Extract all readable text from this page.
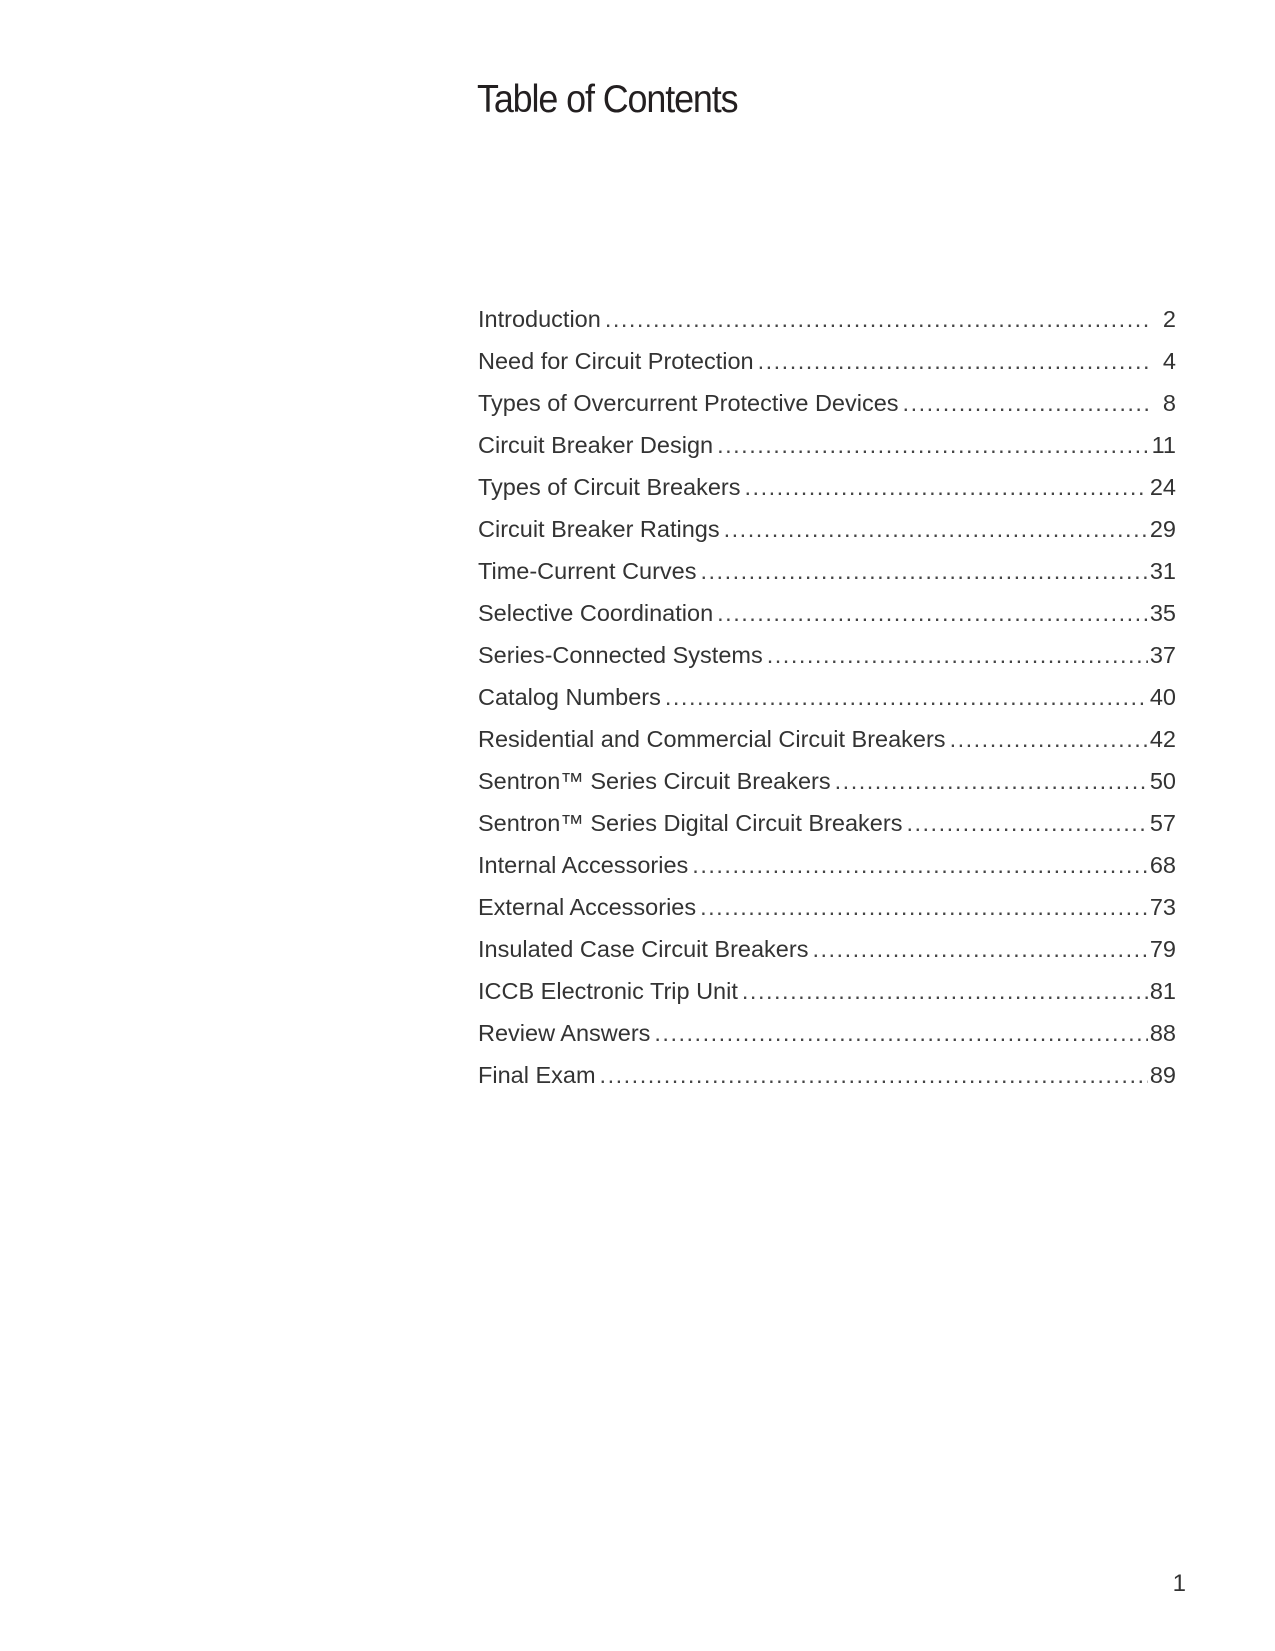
Table of Contents
Introduction .....	2
Need for Circuit Protection .....	4
Types of Overcurrent Protective Devices .....	8
Circuit Breaker Design .....	11
Types of Circuit Breakers .....	24
Circuit Breaker Ratings .....	29
Time-Current Curves .....	31
Selective Coordination .....	35
Series-Connected Systems .....	37
Catalog Numbers .....	40
Residential and Commercial Circuit Breakers .....	42
Sentron™ Series Circuit Breakers .....	50
Sentron™ Series Digital Circuit Breakers .....	57
Internal Accessories .....	68
External Accessories .....	73
Insulated Case Circuit Breakers .....	79
ICCB Electronic Trip Unit .....	81
Review Answers .....	88
Final Exam .....	89
1
